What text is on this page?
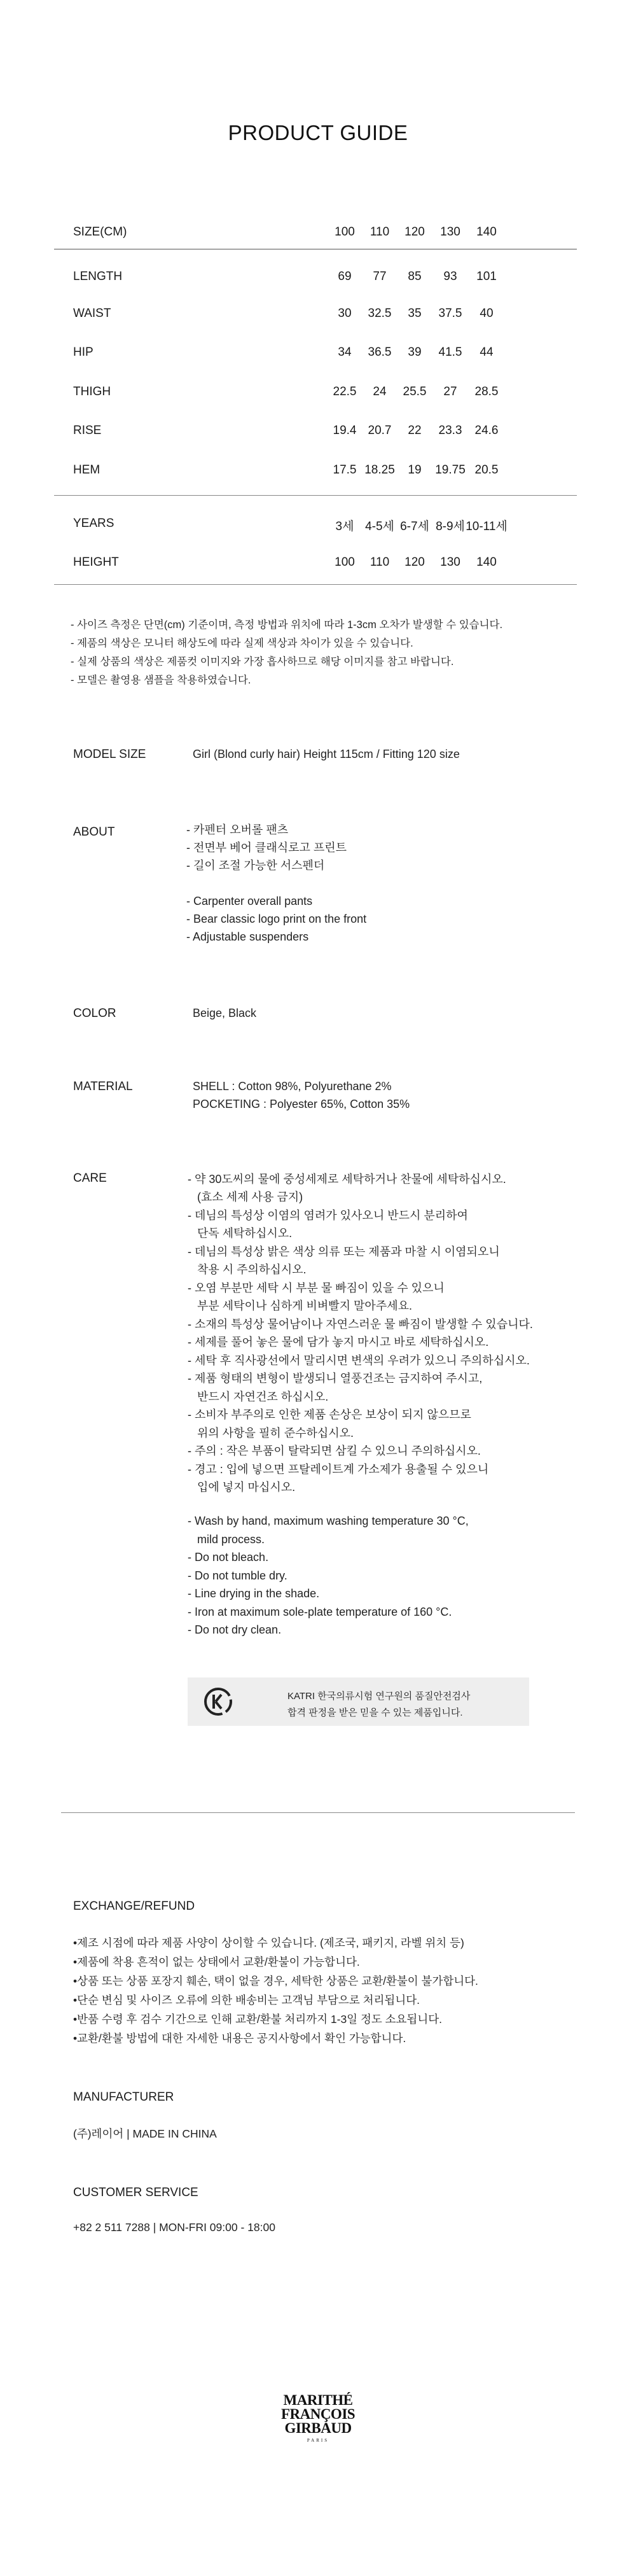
PRODUCT GUIDE
SIZE(CM)	100	110	120	130	140
LENGTH	69	77	85	93	101
WAIST	30	32.5	35	37.5	40
HIP	34	36.5	39	41.5	44
THIGH	22.5	24	25.5	27	28.5
RISE	19.4 20.7	22	23.3	24.6
HEM	17.5 18.25	19	19.75 20.5
YEARS	3세 4-5세 6-7세 8-9세 10-11세
HEIGHT	100	110	120	130	140
- 사이즈 측정은 단면(cm) 기준이며, 측정 방법과 위치에 따라 1-3cm 오차가 발생할 수 있습니다.
- 제품의 색상은 모니터 해상도에 따라 실제 색상과 차이가 있을 수 있습니다.
- 실제 상품의 색상은 제품컷 이미지와 가장 흡사하므로 해당 이미지를 참고 바랍니다.
- 모델은 촬영용 샘플을 착용하였습니다.
MODEL SIZE	Girl (Blond curly hair) Height 115cm / Fitting 120 size
ABOUT	- 카펜터 오버롤 팬츠
- 전면부 베어 클래식로고 프린트
- 길이 조절 가능한 서스펜더
- Carpenter overall pants
- Bear classic logo print on the front
- Adjustable suspenders
COLOR	Beige, Black
MATERIAL	SHELL : Cotton 98%, Polyurethane 2%
POCKETING : Polyester 65%, Cotton 35%
CARE	- 약 30도씨의 물에 중성세제로 세탁하거나 찬물에 세탁하십시오.
(효소 세제 사용 금지)
- 데님의 특성상 이염의 염려가 있사오니 반드시 분리하여
단독 세탁하십시오.
- 데님의 특성상 밝은 색상 의류 또는 제품과 마찰 시 이염되오니
착용 시 주의하십시오.
- 오염 부분만 세탁 시 부분 물 빠짐이 있을 수 있으니
부분 세탁이나 심하게 비벼빨지 말아주세요.
- 소재의 특성상 물어남이나 자연스러운 물 빠짐이 발생할 수 있습니다.
- 세제를 풀어 놓은 물에 담가 놓지 마시고 바로 세탁하십시오.
- 세탁 후 직사광선에서 말리시면 변색의 우려가 있으니 주의하십시오.
- 제품 형태의 변형이 발생되니 열풍건조는 금지하여 주시고,
반드시 자연건조 하십시오.
- 소비자 부주의로 인한 제품 손상은 보상이 되지 않으므로
위의 사항을 필히 준수하십시오.
- 주의 : 작은 부품이 탈락되면 삼킬 수 있으니 주의하십시오.
- 경고 : 입에 넣으면 프탈레이트계 가소제가 용출될 수 있으니
입에 넣지 마십시오.
- Wash by hand, maximum washing temperature 30 °C,
mild process.
- Do not bleach.
- Do not tumble dry.
- Line drying in the shade.
- Iron at maximum sole-plate temperature of 160 °C.
- Do not dry clean.
KATRI 한국의류시험 연구원의 품질안전검사
합격 판정을 받은 믿을 수 있는 제품입니다.
EXCHANGE/REFUND
•제조 시점에 따라 제품 사양이 상이할 수 있습니다. (제조국, 패키지, 라벨 위치 등)
•제품에 착용 흔적이 없는 상태에서 교환/환불이 가능합니다.
•상품 또는 상품 포장지 훼손, 택이 없을 경우, 세탁한 상품은 교환/환불이 불가합니다.
•단순 변심 및 사이즈 오류에 의한 배송비는 고객님 부담으로 처리됩니다.
•반품 수령 후 검수 기간으로 인해 교환/환불 처리까지 1-3일 정도 소요됩니다.
•교환/환불 방법에 대한 자세한 내용은 공지사항에서 확인 가능합니다.
MANUFACTURER
(주)레이어 | MADE IN CHINA
CUSTOMER SERVICE
+82 2 511 7288 | MON-FRI 09:00 - 18:00
MARITHÉ
FRANÇOIS
GIRBAUD
PARIS
